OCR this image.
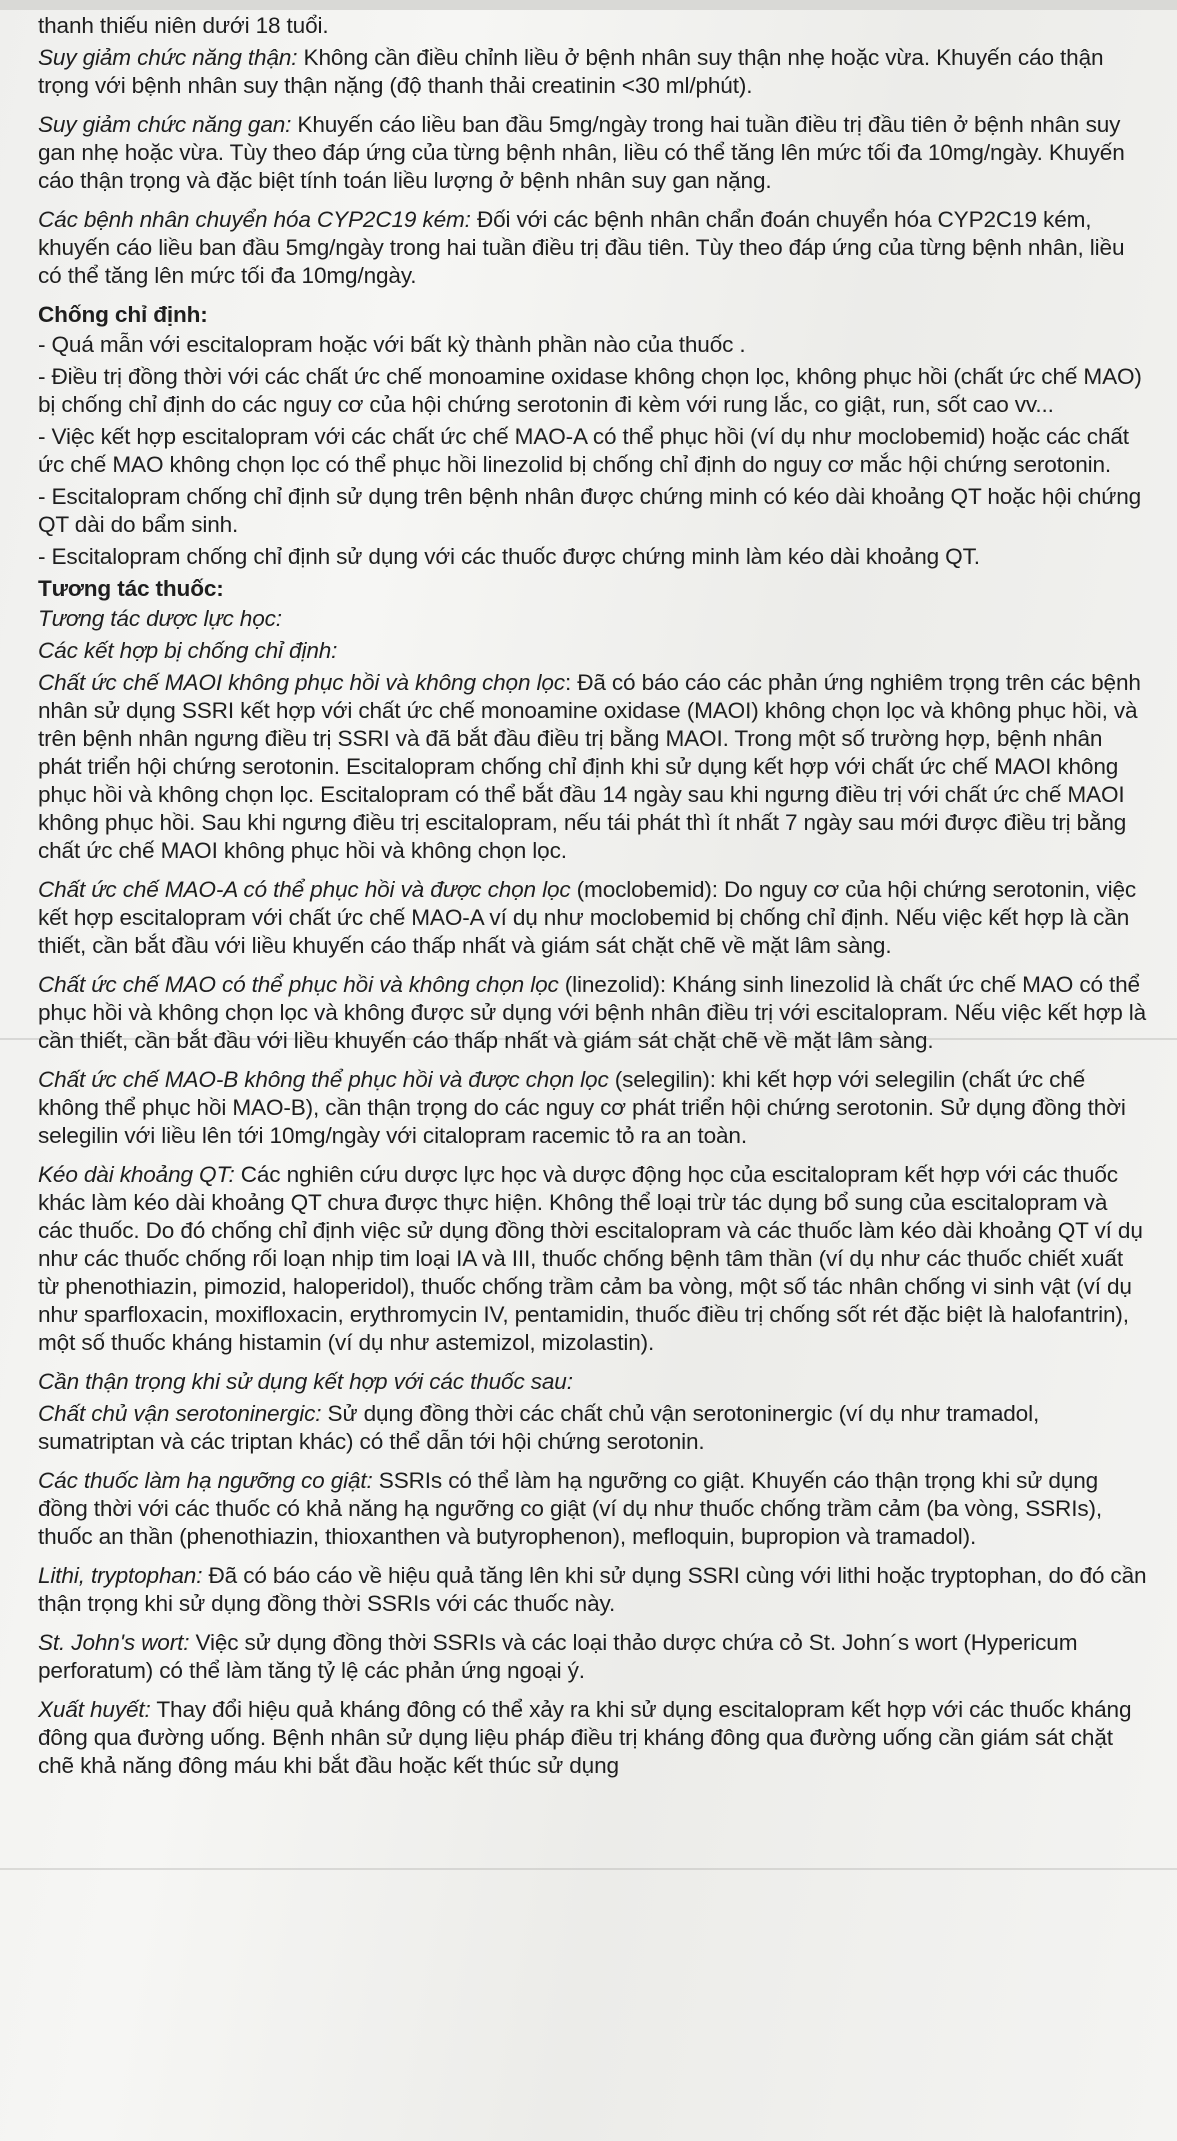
thanh thiếu niên dưới 18 tuổi.

Suy giảm chức năng thận: Không cần điều chỉnh liều ở bệnh nhân suy thận nhẹ hoặc vừa. Khuyến cáo thận trọng với bệnh nhân suy thận nặng (độ thanh thải creatinin <30 ml/phút).

Suy giảm chức năng gan: Khuyến cáo liều ban đầu 5mg/ngày trong hai tuần điều trị đầu tiên ở bệnh nhân suy gan nhẹ hoặc vừa. Tùy theo đáp ứng của từng bệnh nhân, liều có thể tăng lên mức tối đa 10mg/ngày. Khuyến cáo thận trọng và đặc biệt tính toán liều lượng ở bệnh nhân suy gan nặng.

Các bệnh nhân chuyển hóa CYP2C19 kém: Đối với các bệnh nhân chẩn đoán chuyển hóa CYP2C19 kém, khuyến cáo liều ban đầu 5mg/ngày trong hai tuần điều trị đầu tiên. Tùy theo đáp ứng của từng bệnh nhân, liều có thể tăng lên mức tối đa 10mg/ngày.

Chống chỉ định:

- Quá mẫn với escitalopram hoặc với bất kỳ thành phần nào của thuốc .

- Điều trị đồng thời với các chất ức chế monoamine oxidase không chọn lọc, không phục hồi (chất ức chế MAO) bị chống chỉ định do các nguy cơ của hội chứng serotonin đi kèm với rung lắc, co giật, run, sốt cao vv...

- Việc kết hợp escitalopram với các chất ức chế MAO-A có thể phục hồi (ví dụ như moclobemid) hoặc các chất ức chế MAO không chọn lọc có thể phục hồi linezolid bị chống chỉ định do nguy cơ mắc hội chứng serotonin.

- Escitalopram chống chỉ định sử dụng trên bệnh nhân được chứng minh có kéo dài khoảng QT hoặc hội chứng QT dài do bẩm sinh.

- Escitalopram chống chỉ định sử dụng với các thuốc được chứng minh làm kéo dài khoảng QT.

Tương tác thuốc:

Tương tác dược lực học:

Các kết hợp bị chống chỉ định:

Chất ức chế MAOI không phục hồi và không chọn lọc: Đã có báo cáo các phản ứng nghiêm trọng trên các bệnh nhân sử dụng SSRI kết hợp với chất ức chế monoamine oxidase (MAOI) không chọn lọc và không phục hồi, và trên bệnh nhân ngưng điều trị SSRI và đã bắt đầu điều trị bằng MAOI. Trong một số trường hợp, bệnh nhân phát triển hội chứng serotonin. Escitalopram chống chỉ định khi sử dụng kết hợp với chất ức chế MAOI không phục hồi và không chọn lọc. Escitalopram có thể bắt đầu 14 ngày sau khi ngưng điều trị với chất ức chế MAOI không phục hồi. Sau khi ngưng điều trị escitalopram, nếu tái phát thì ít nhất 7 ngày sau mới được điều trị bằng chất ức chế MAOI không phục hồi và không chọn lọc.

Chất ức chế MAO-A có thể phục hồi và được chọn lọc (moclobemid): Do nguy cơ của hội chứng serotonin, việc kết hợp escitalopram với chất ức chế MAO-A ví dụ như moclobemid bị chống chỉ định. Nếu việc kết hợp là cần thiết, cần bắt đầu với liều khuyến cáo thấp nhất và giám sát chặt chẽ về mặt lâm sàng.

Chất ức chế MAO có thể phục hồi và không chọn lọc (linezolid): Kháng sinh linezolid là chất ức chế MAO có thể phục hồi và không chọn lọc và không được sử dụng với bệnh nhân điều trị với escitalopram. Nếu việc kết hợp là cần thiết, cần bắt đầu với liều khuyến cáo thấp nhất và giám sát chặt chẽ về mặt lâm sàng.

Chất ức chế MAO-B không thể phục hồi và được chọn lọc (selegilin): khi kết hợp với selegilin (chất ức chế không thể phục hồi MAO-B), cần thận trọng do các nguy cơ phát triển hội chứng serotonin. Sử dụng đồng thời selegilin với liều lên tới 10mg/ngày với citalopram racemic tỏ ra an toàn.

Kéo dài khoảng QT: Các nghiên cứu dược lực học và dược động học của escitalopram kết hợp với các thuốc khác làm kéo dài khoảng QT chưa được thực hiện. Không thể loại trừ tác dụng bổ sung của escitalopram và các thuốc. Do đó chống chỉ định việc sử dụng đồng thời escitalopram và các thuốc làm kéo dài khoảng QT ví dụ như các thuốc chống rối loạn nhịp tim loại IA và III, thuốc chống bệnh tâm thần (ví dụ như các thuốc chiết xuất từ phenothiazin, pimozid, haloperidol), thuốc chống trầm cảm ba vòng, một số tác nhân chống vi sinh vật (ví dụ như sparfloxacin, moxifloxacin, erythromycin IV, pentamidin, thuốc điều trị chống sốt rét đặc biệt là halofantrin), một số thuốc kháng histamin (ví dụ như astemizol, mizolastin).

Cần thận trọng khi sử dụng kết hợp với các thuốc sau:

Chất chủ vận serotoninergic: Sử dụng đồng thời các chất chủ vận serotoninergic (ví dụ như tramadol, sumatriptan và các triptan khác) có thể dẫn tới hội chứng serotonin.

Các thuốc làm hạ ngưỡng co giật: SSRIs có thể làm hạ ngưỡng co giật. Khuyến cáo thận trọng khi sử dụng đồng thời với các thuốc có khả năng hạ ngưỡng co giật (ví dụ như thuốc chống trầm cảm (ba vòng, SSRIs), thuốc an thần (phenothiazin, thioxanthen và butyrophenon), mefloquin, bupropion và tramadol).

Lithi, tryptophan: Đã có báo cáo về hiệu quả tăng lên khi sử dụng SSRI cùng với lithi hoặc tryptophan, do đó cần thận trọng khi sử dụng đồng thời SSRIs với các thuốc này.

St. John's wort: Việc sử dụng đồng thời SSRIs và các loại thảo dược chứa cỏ St. John´s wort (Hypericum perforatum) có thể làm tăng tỷ lệ các phản ứng ngoại ý.

Xuất huyết: Thay đổi hiệu quả kháng đông có thể xảy ra khi sử dụng escitalopram kết hợp với các thuốc kháng đông qua đường uống. Bệnh nhân sử dụng liệu pháp điều trị kháng đông qua đường uống cần giám sát chặt chẽ khả năng đông máu khi bắt đầu hoặc kết thúc sử dụng
